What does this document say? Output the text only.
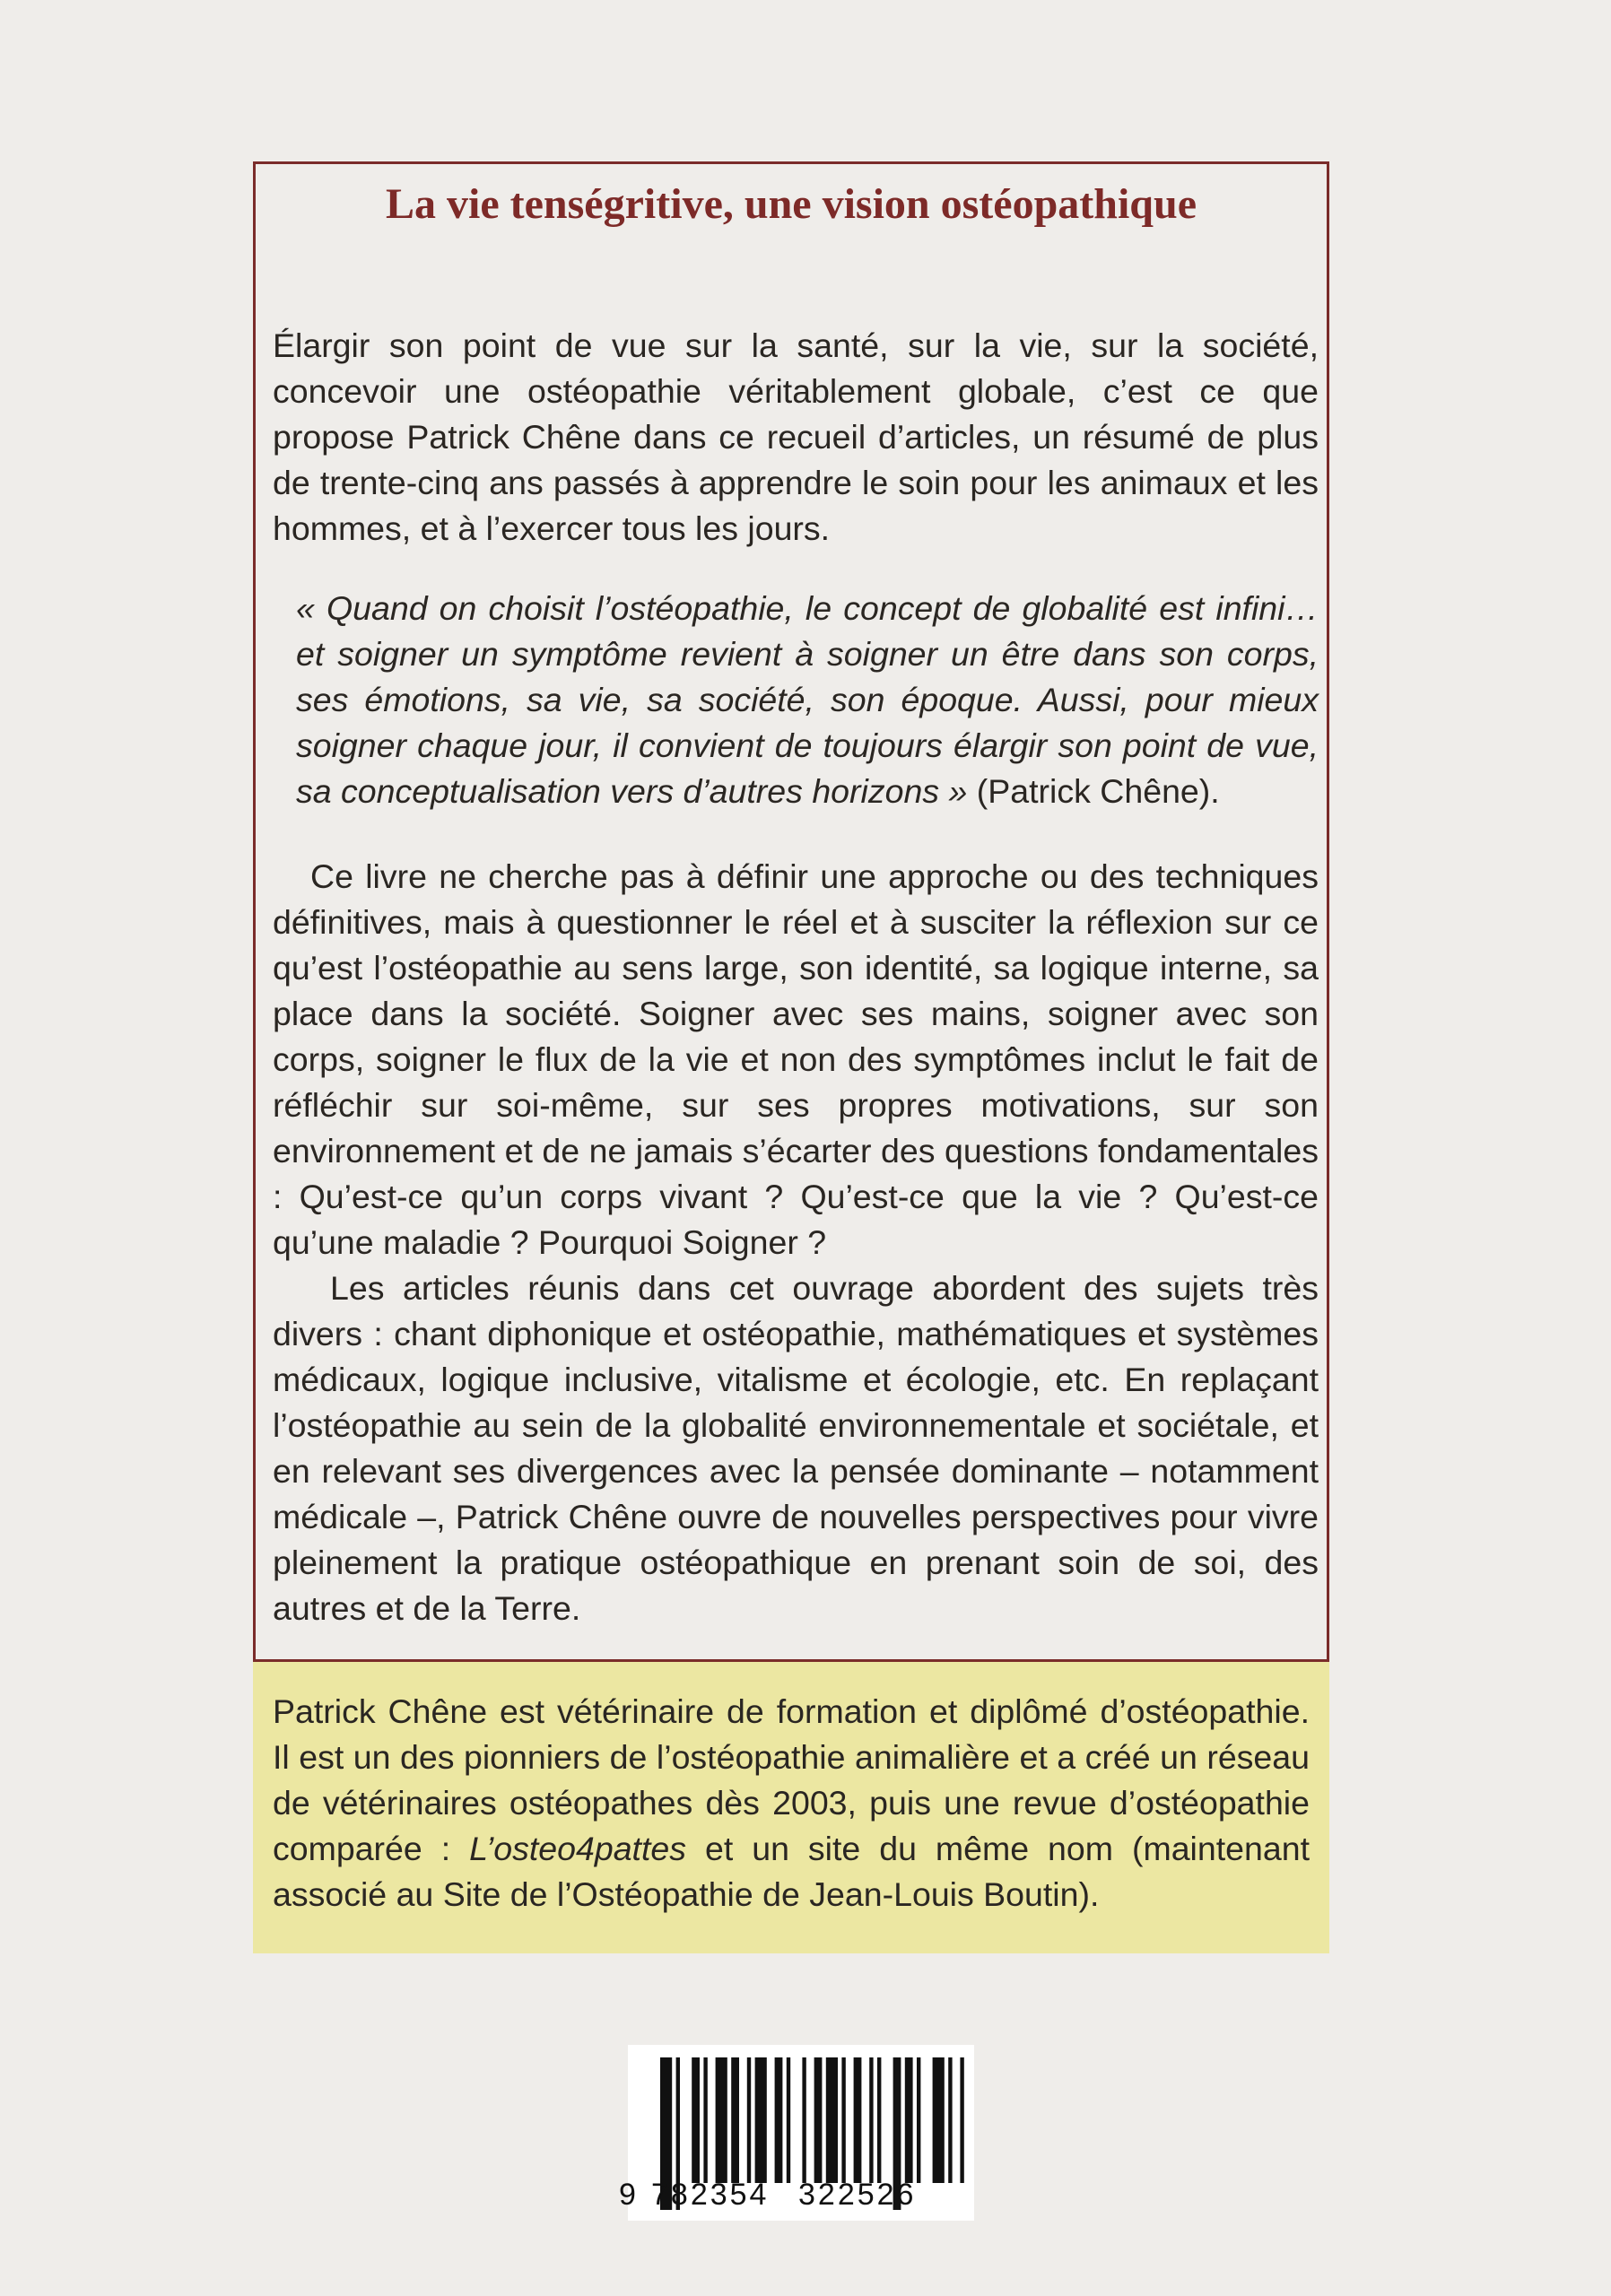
La vie tenségritive, une vision ostéopathique

Élargir son point de vue sur la santé, sur la vie, sur la société, concevoir une ostéopathie véritablement globale, c’est ce que propose Patrick Chêne dans ce recueil d’articles, un résumé de plus de trente-cinq ans passés à apprendre le soin pour les animaux et les hommes, et à l’exercer tous les jours.

« Quand on choisit l’ostéopathie, le concept de globalité est infini… et soigner un symptôme revient à soigner un être dans son corps, ses émotions, sa vie, sa société, son époque. Aussi, pour mieux soigner chaque jour, il convient de toujours élargir son point de vue, sa conceptualisation vers d’autres horizons » (Patrick Chêne).

Ce livre ne cherche pas à définir une approche ou des techniques définitives, mais à questionner le réel et à susciter la réflexion sur ce qu’est l’ostéopathie au sens large, son identité, sa logique interne, sa place dans la société. Soigner avec ses mains, soigner avec son corps, soigner le flux de la vie et non des symptômes inclut le fait de réfléchir sur soi-même, sur ses propres motivations, sur son environnement et de ne jamais s’écarter des questions fondamentales : Qu’est-ce qu’un corps vivant ? Qu’est-ce que la vie ? Qu’est-ce qu’une maladie ? Pourquoi Soigner ?

Les articles réunis dans cet ouvrage abordent des sujets très divers : chant diphonique et ostéopathie, mathématiques et systèmes médicaux, logique inclusive, vitalisme et écologie, etc. En replaçant l’ostéopathie au sein de la globalité environnementale et sociétale, et en relevant ses divergences avec la pensée dominante – notamment médicale –, Patrick Chêne ouvre de nouvelles perspectives pour vivre pleinement la pratique ostéopathique en prenant soin de soi, des autres et de la Terre.

Patrick Chêne est vétérinaire de formation et diplômé d’ostéopathie. Il est un des pionniers de l’ostéopathie animalière et a créé un réseau de vétérinaires ostéopathes dès 2003, puis une revue d’ostéopathie comparée : L’osteo4pattes et un site du même nom (maintenant associé au Site de l’Ostéopathie de Jean-Louis Boutin).

9 782354 322526
